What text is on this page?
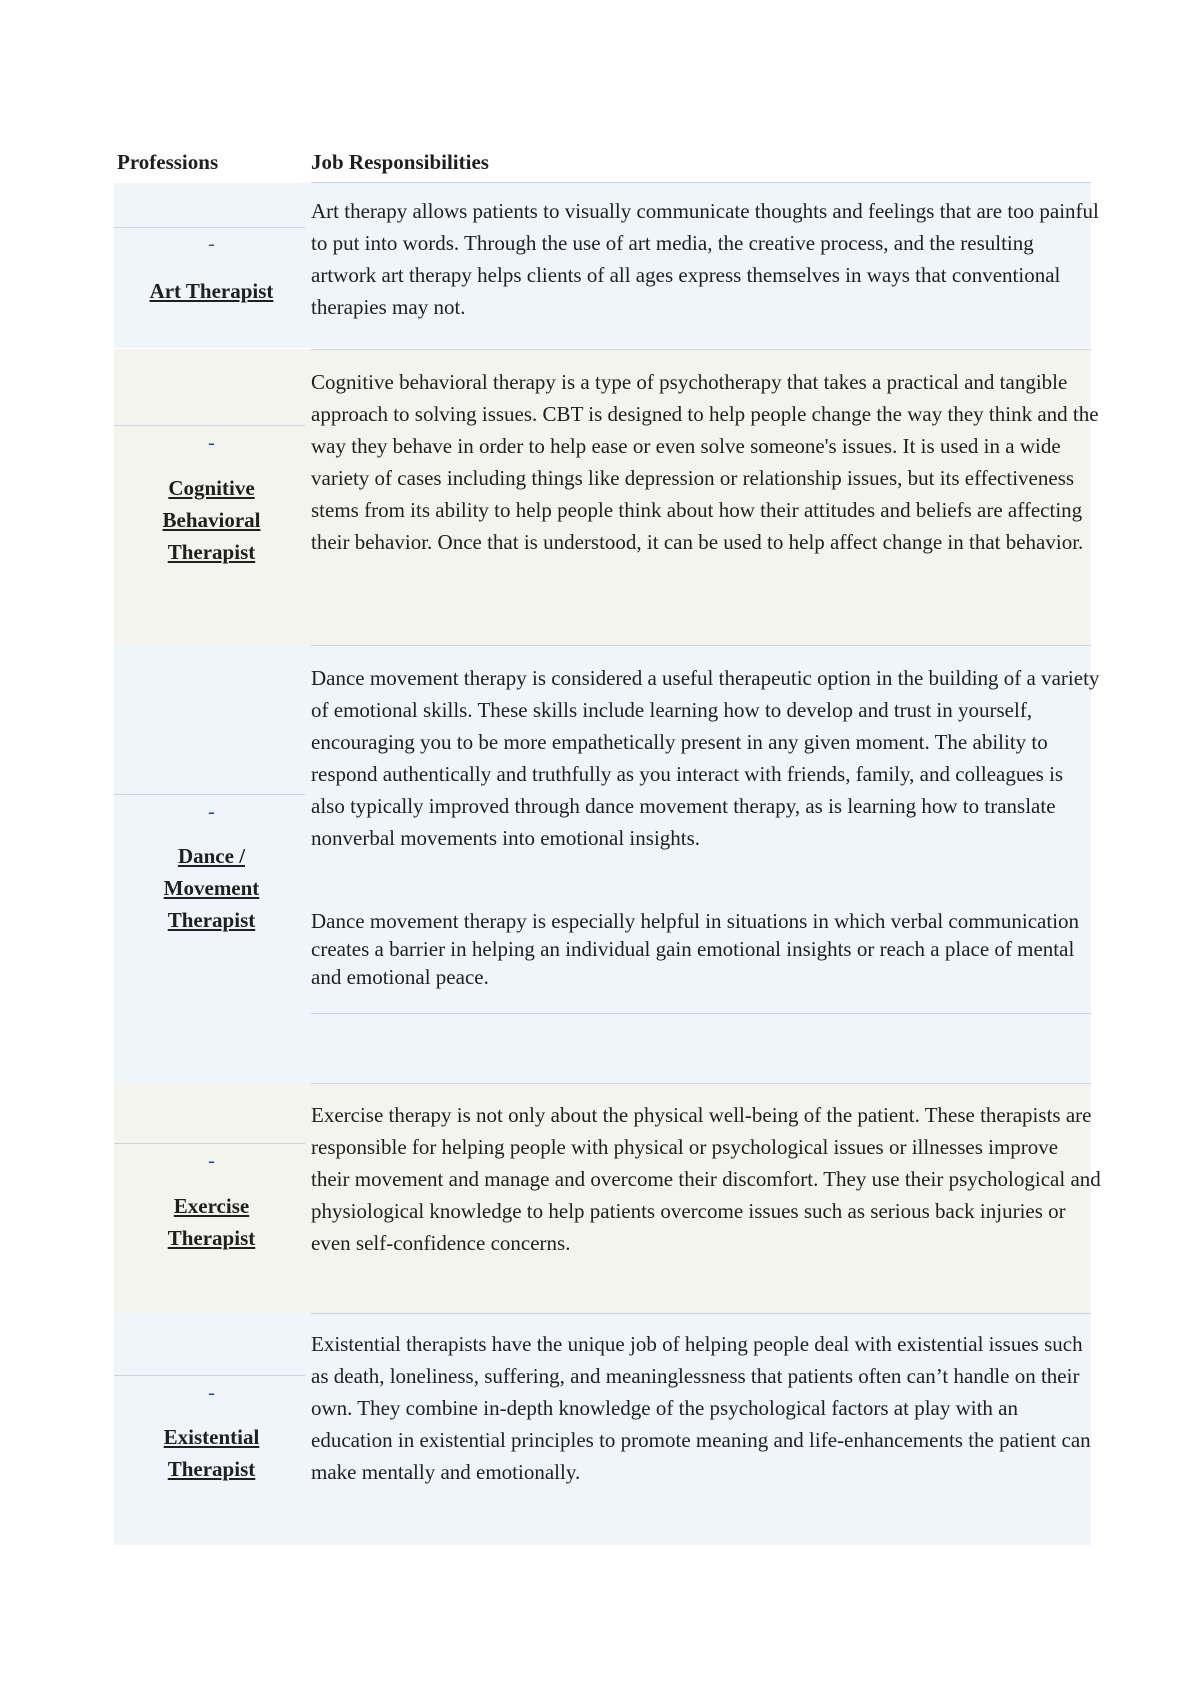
Professions	Job Responsibilities
-
Art Therapist
Art therapy allows patients to visually communicate thoughts and feelings that are too painful to put into words. Through the use of art media, the creative process, and the resulting artwork art therapy helps clients of all ages express themselves in ways that conventional therapies may not.
-
Cognitive Behavioral Therapist
Cognitive behavioral therapy is a type of psychotherapy that takes a practical and tangible approach to solving issues. CBT is designed to help people change the way they think and the way they behave in order to help ease or even solve someone's issues. It is used in a wide variety of cases including things like depression or relationship issues, but its effectiveness stems from its ability to help people think about how their attitudes and beliefs are affecting their behavior. Once that is understood, it can be used to help affect change in that behavior.
-
Dance / Movement Therapist
Dance movement therapy is considered a useful therapeutic option in the building of a variety of emotional skills. These skills include learning how to develop and trust in yourself, encouraging you to be more empathetically present in any given moment. The ability to respond authentically and truthfully as you interact with friends, family, and colleagues is also typically improved through dance movement therapy, as is learning how to translate nonverbal movements into emotional insights.
Dance movement therapy is especially helpful in situations in which verbal communication creates a barrier in helping an individual gain emotional insights or reach a place of mental and emotional peace.
-
Exercise Therapist
Exercise therapy is not only about the physical well-being of the patient. These therapists are responsible for helping people with physical or psychological issues or illnesses improve their movement and manage and overcome their discomfort. They use their psychological and physiological knowledge to help patients overcome issues such as serious back injuries or even self-confidence concerns.
-
Existential Therapist
Existential therapists have the unique job of helping people deal with existential issues such as death, loneliness, suffering, and meaninglessness that patients often can’t handle on their own. They combine in-depth knowledge of the psychological factors at play with an education in existential principles to promote meaning and life-enhancements the patient can make mentally and emotionally.
